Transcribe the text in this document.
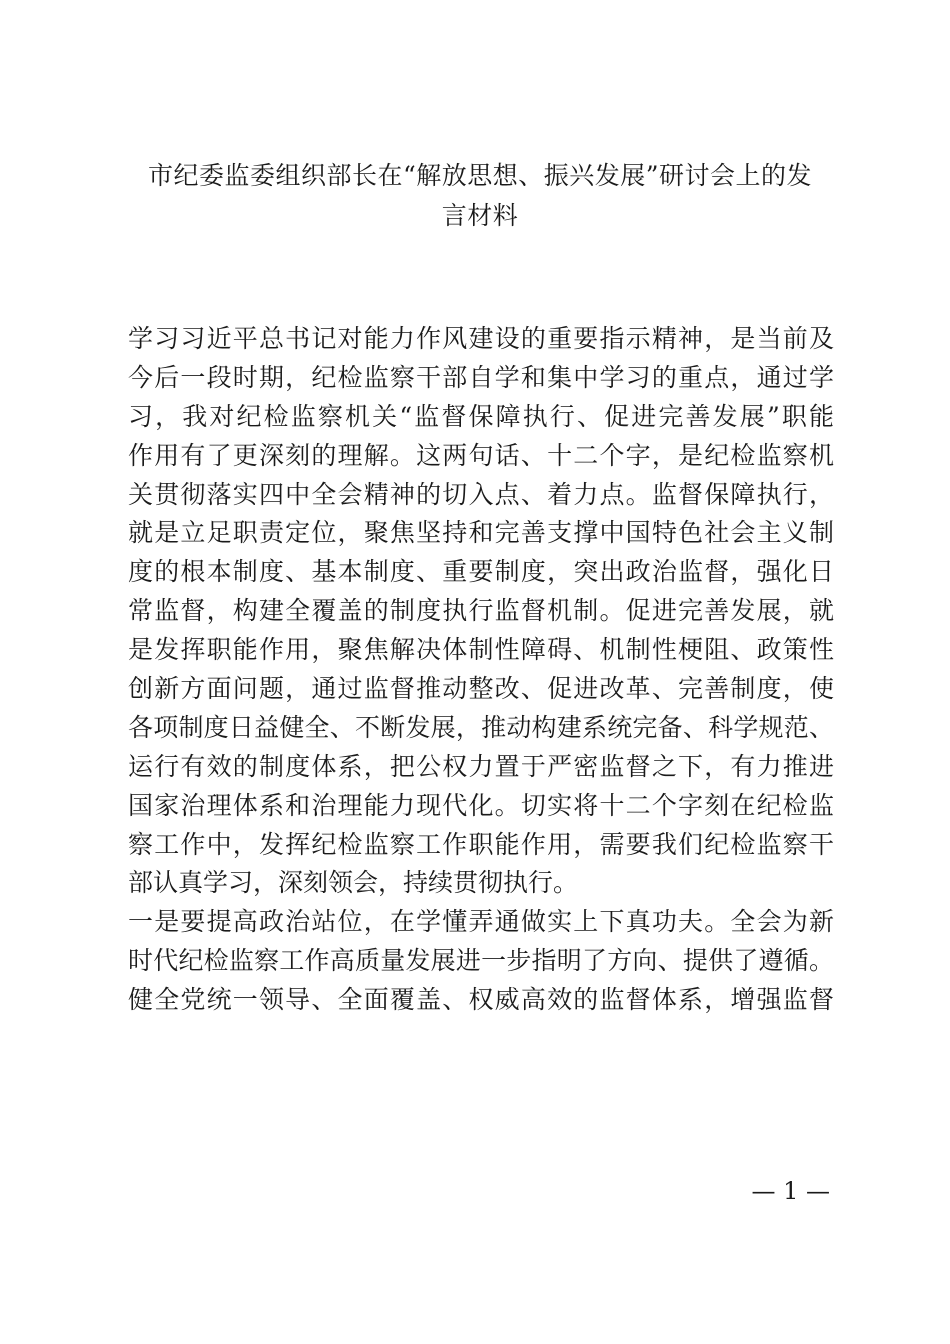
市纪委监委组织部长在“解放思想、振兴发展”研讨会上的发
言材料
学习习近平总书记对能力作风建设的重要指示精神，是当前及
今后一段时期，纪检监察干部自学和集中学习的重点，通过学
习，我对纪检监察机关“监督保障执行、促进完善发展”职能
作用有了更深刻的理解。这两句话、十二个字，是纪检监察机
关贯彻落实四中全会精神的切入点、着力点。监督保障执行，
就是立足职责定位，聚焦坚持和完善支撑中国特色社会主义制
度的根本制度、基本制度、重要制度，突出政治监督，强化日
常监督，构建全覆盖的制度执行监督机制。促进完善发展，就
是发挥职能作用，聚焦解决体制性障碍、机制性梗阻、政策性
创新方面问题，通过监督推动整改、促进改革、完善制度，使
各项制度日益健全、不断发展，推动构建系统完备、科学规范、
运行有效的制度体系，把公权力置于严密监督之下，有力推进
国家治理体系和治理能力现代化。切实将十二个字刻在纪检监
察工作中，发挥纪检监察工作职能作用，需要我们纪检监察干
部认真学习，深刻领会，持续贯彻执行。
一是要提高政治站位，在学懂弄通做实上下真功夫。全会为新
时代纪检监察工作高质量发展进一步指明了方向、提供了遵循。
健全党统一领导、全面覆盖、权威高效的监督体系，增强监督
— 1 —
